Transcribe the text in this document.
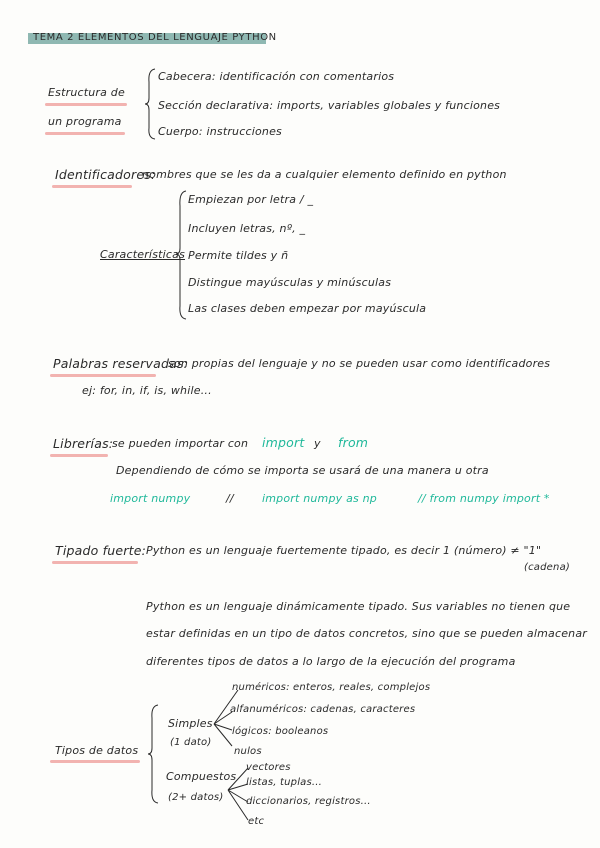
TEMA 2 ELEMENTOS DEL LENGUAJE PYTHON
Estructura de
un programa
Cabecera: identificación con comentarios
Sección declarativa: imports, variables globales y funciones
Cuerpo: instrucciones
Identificadores:
nombres que se les da a cualquier elemento definido en python
Características
Empiezan por letra / _
Incluyen letras, nº, _
Permite tildes y ñ
Distingue mayúsculas y minúsculas
Las clases deben empezar por mayúscula
Palabras reservadas:
son propias del lenguaje y no se pueden usar como identificadores
ej: for, in, if, is, while...
Librerías:
se pueden importar con import y from
Dependiendo de cómo se importa se usará de una manera u otra
import numpy	//	import numpy as np	// from numpy import *
Tipado fuerte: Python es un lenguaje fuertemente tipado, es decir 1 (número) ≠ "1"
(cadena)
Python es un lenguaje dinámicamente tipado. Sus variables no tienen que
estar definidas en un tipo de datos concretos, sino que se pueden almacenar
diferentes tipos de datos a lo largo de la ejecución del programa
Tipos de datos
Simples
(1 dato)
numéricos: enteros, reales, complejos
alfanuméricos: cadenas, caracteres
lógicos: booleanos
nulos
Compuestos
(2+ datos)
vectores
listas, tuplas...
diccionarios, registros...
etc
